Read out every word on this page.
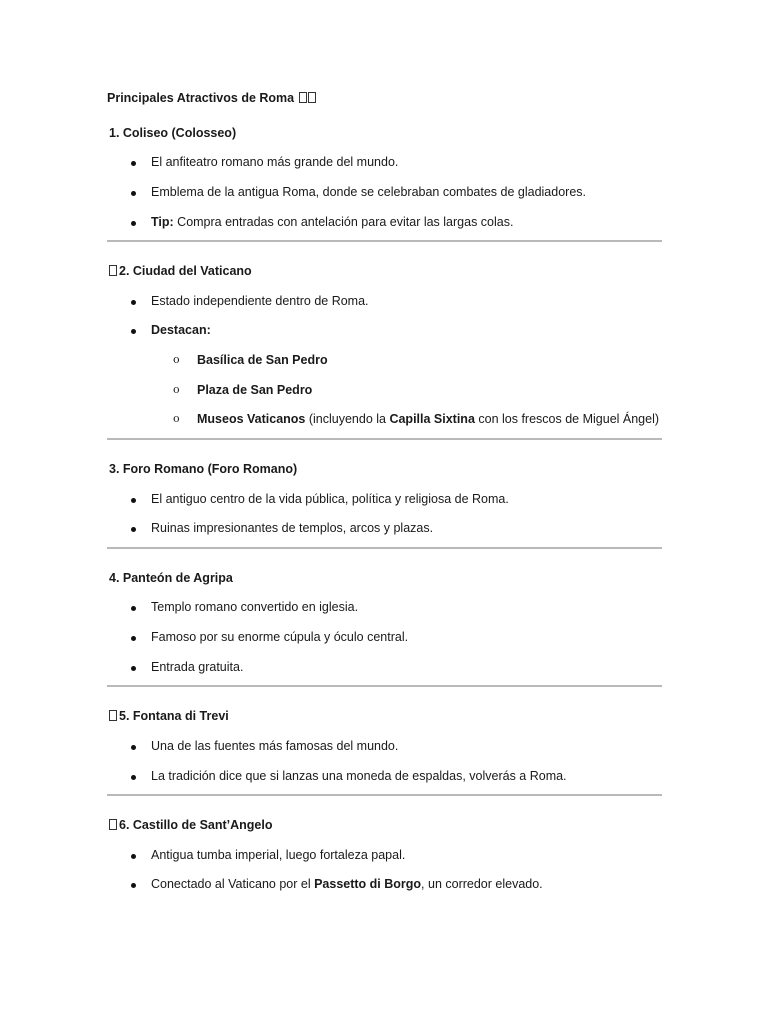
Principales Atractivos de Roma
1. Coliseo (Colosseo)
El anfiteatro romano más grande del mundo.
Emblema de la antigua Roma, donde se celebraban combates de gladiadores.
Tip: Compra entradas con antelación para evitar las largas colas.
2. Ciudad del Vaticano
Estado independiente dentro de Roma.
Destacan:
o Basílica de San Pedro
o Plaza de San Pedro
o Museos Vaticanos (incluyendo la Capilla Sixtina con los frescos de Miguel Ángel)
3. Foro Romano (Foro Romano)
El antiguo centro de la vida pública, política y religiosa de Roma.
Ruinas impresionantes de templos, arcos y plazas.
4. Panteón de Agripa
Templo romano convertido en iglesia.
Famoso por su enorme cúpula y óculo central.
Entrada gratuita.
5. Fontana di Trevi
Una de las fuentes más famosas del mundo.
La tradición dice que si lanzas una moneda de espaldas, volverás a Roma.
6. Castillo de Sant’Angelo
Antigua tumba imperial, luego fortaleza papal.
Conectado al Vaticano por el Passetto di Borgo, un corredor elevado.
